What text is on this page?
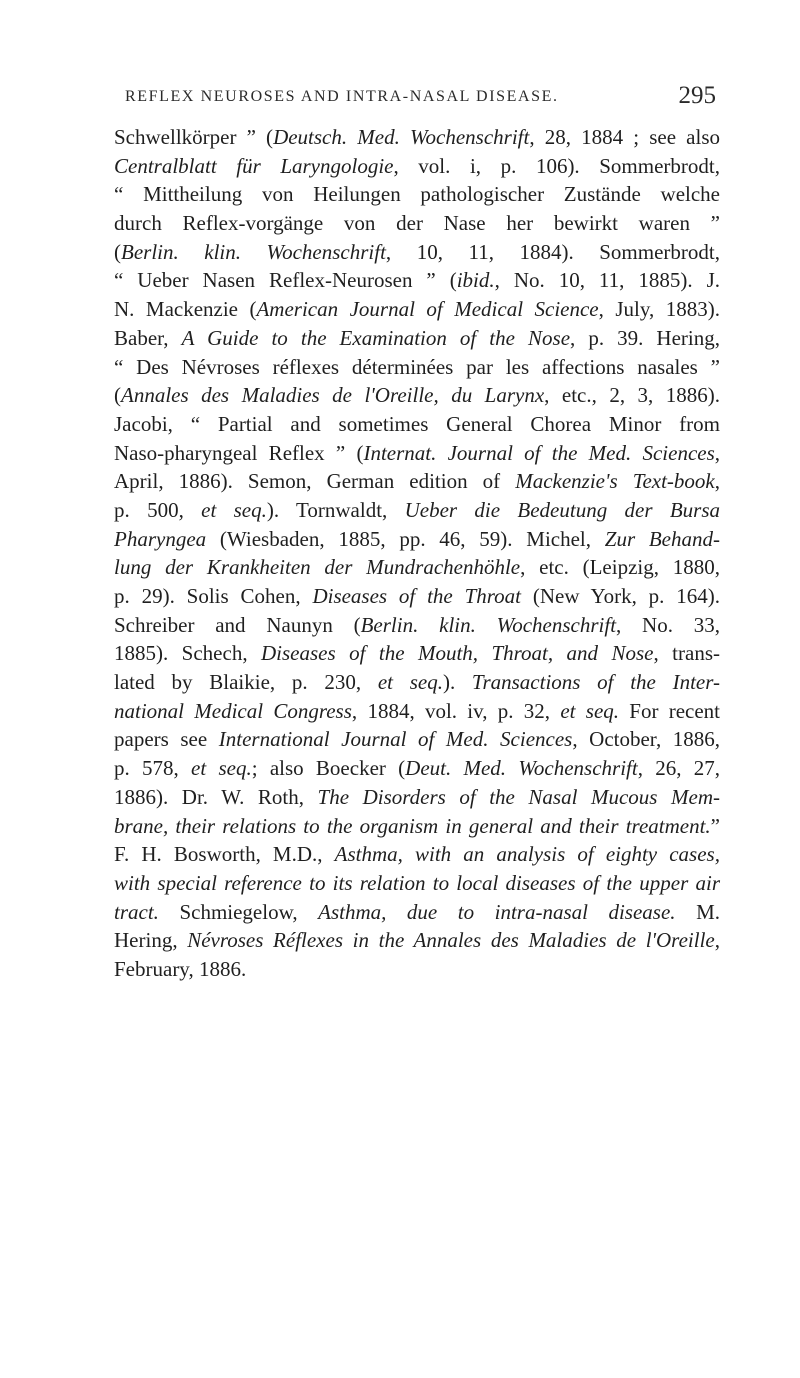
REFLEX NEUROSES AND INTRA-NASAL DISEASE.	295
Schwellkörper ” (Deutsch. Med. Wochenschrift, 28, 1884 ; see also
Centralblatt für Laryngologie, vol. i, p. 106). Sommerbrodt,
“ Mittheilung von Heilungen pathologischer Zustände welche
durch Reflex-vorgänge von der Nase her bewirkt waren ”
(Berlin. klin. Wochenschrift, 10, 11, 1884). Sommerbrodt,
“ Ueber Nasen Reflex-Neurosen ” (ibid., No. 10, 11, 1885). J.
N. Mackenzie (American Journal of Medical Science, July, 1883).
Baber, A Guide to the Examination of the Nose, p. 39. Hering,
“ Des Névroses réflexes déterminées par les affections nasales ”
(Annales des Maladies de l'Oreille, du Larynx, etc., 2, 3, 1886).
Jacobi, “ Partial and sometimes General Chorea Minor from
Naso-pharyngeal Reflex ” (Internat. Journal of the Med. Sciences,
April, 1886). Semon, German edition of Mackenzie's Text-book,
p. 500, et seq.). Tornwaldt, Ueber die Bedeutung der Bursa
Pharyngea (Wiesbaden, 1885, pp. 46, 59). Michel, Zur Behand-
lung der Krankheiten der Mundrachenhöhle, etc. (Leipzig, 1880,
p. 29). Solis Cohen, Diseases of the Throat (New York, p. 164).
Schreiber and Naunyn (Berlin. klin. Wochenschrift, No. 33,
1885). Schech, Diseases of the Mouth, Throat, and Nose, trans-
lated by Blaikie, p. 230, et seq.). Transactions of the Inter-
national Medical Congress, 1884, vol. iv, p. 32, et seq. For recent
papers see International Journal of Med. Sciences, October, 1886,
p. 578, et seq.; also Boecker (Deut. Med. Wochenschrift, 26, 27,
1886). Dr. W. Roth, The Disorders of the Nasal Mucous Mem-
brane, their relations to the organism in general and their treatment.”
F. H. Bosworth, M.D., Asthma, with an analysis of eighty cases,
with special reference to its relation to local diseases of the upper air
tract. Schmiegelow, Asthma, due to intra-nasal disease. M.
Hering, Névroses Réflexes in the Annales des Maladies de l'Oreille,
February, 1886.
